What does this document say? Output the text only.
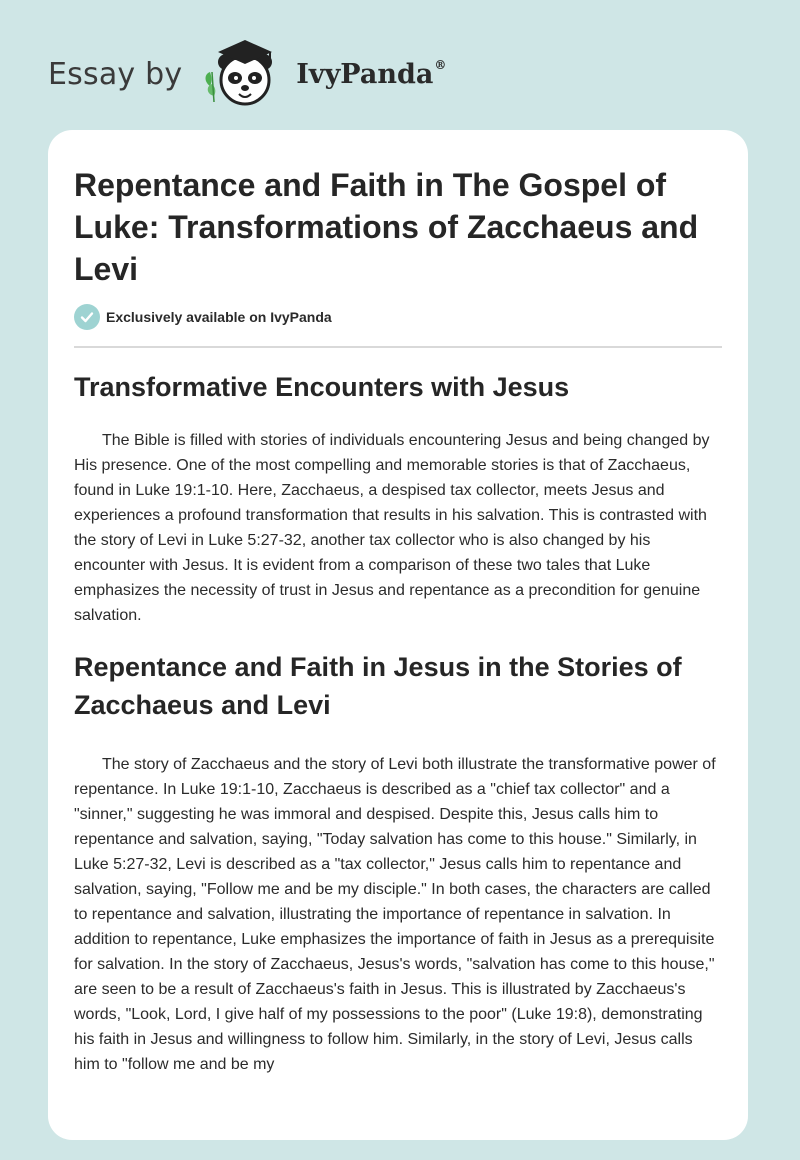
Essay by	IvyPanda®
Repentance and Faith in The Gospel of Luke: Transformations of Zacchaeus and Levi
Exclusively available on IvyPanda
Transformative Encounters with Jesus

The Bible is filled with stories of individuals encountering Jesus and being changed by His presence. One of the most compelling and memorable stories is that of Zacchaeus, found in Luke 19:1-10. Here, Zacchaeus, a despised tax collector, meets Jesus and experiences a profound transformation that results in his salvation. This is contrasted with the story of Levi in Luke 5:27-32, another tax collector who is also changed by his encounter with Jesus. It is evident from a comparison of these two tales that Luke emphasizes the necessity of trust in Jesus and repentance as a precondition for genuine salvation.

Repentance and Faith in Jesus in the Stories of Zacchaeus and Levi

The story of Zacchaeus and the story of Levi both illustrate the transformative power of repentance. In Luke 19:1-10, Zacchaeus is described as a "chief tax collector" and a "sinner," suggesting he was immoral and despised. Despite this, Jesus calls him to repentance and salvation, saying, "Today salvation has come to this house." Similarly, in Luke 5:27-32, Levi is described as a "tax collector," Jesus calls him to repentance and salvation, saying, "Follow me and be my disciple." In both cases, the characters are called to repentance and salvation, illustrating the importance of repentance in salvation. In addition to repentance, Luke emphasizes the importance of faith in Jesus as a prerequisite for salvation. In the story of Zacchaeus, Jesus's words, "salvation has come to this house," are seen to be a result of Zacchaeus's faith in Jesus. This is illustrated by Zacchaeus's words, "Look, Lord, I give half of my possessions to the poor" (Luke 19:8), demonstrating his faith in Jesus and willingness to follow him. Similarly, in the story of Levi, Jesus calls him to "follow me and be my
